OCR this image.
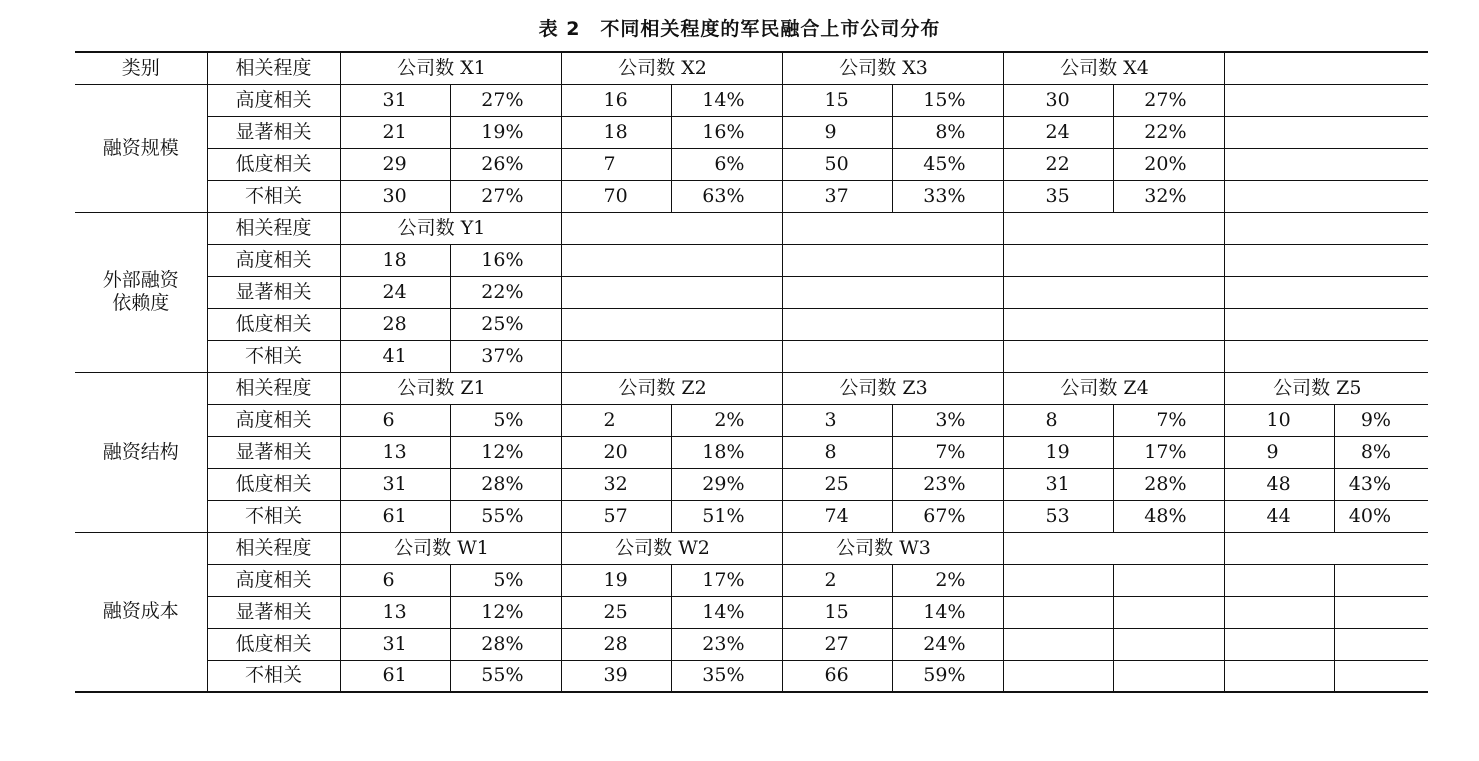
表 2　不同相关程度的军民融合上市公司分布
类别	相关程度	公司数 X1		公司数 X2		公司数 X3		公司数 X4			
融资规模	高度相关	31	27%	16	14%	15	15%	30	27%		
	显著相关	21	19%	18	16%	9	8%	24	22%		
	低度相关	29	26%	7	6%	50	45%	22	20%		
	不相关	30	27%	70	63%	37	33%	35	32%		
外部融资依赖度	相关程度	公司数 Y1									
	高度相关	18	16%								
	显著相关	24	22%								
	低度相关	28	25%								
	不相关	41	37%								
融资结构	相关程度	公司数 Z1		公司数 Z2		公司数 Z3		公司数 Z4		公司数 Z5	
	高度相关	6	5%	2	2%	3	3%	8	7%	10	9%
	显著相关	13	12%	20	18%	8	7%	19	17%	9	8%
	低度相关	31	28%	32	29%	25	23%	31	28%	48	43%
	不相关	61	55%	57	51%	74	67%	53	48%	44	40%
融资成本	相关程度	公司数 W1		公司数 W2		公司数 W3					
	高度相关	6	5%	19	17%	2	2%				
	显著相关	13	12%	25	14%	15	14%				
	低度相关	31	28%	28	23%	27	24%				
	不相关	61	55%	39	35%	66	59%				
